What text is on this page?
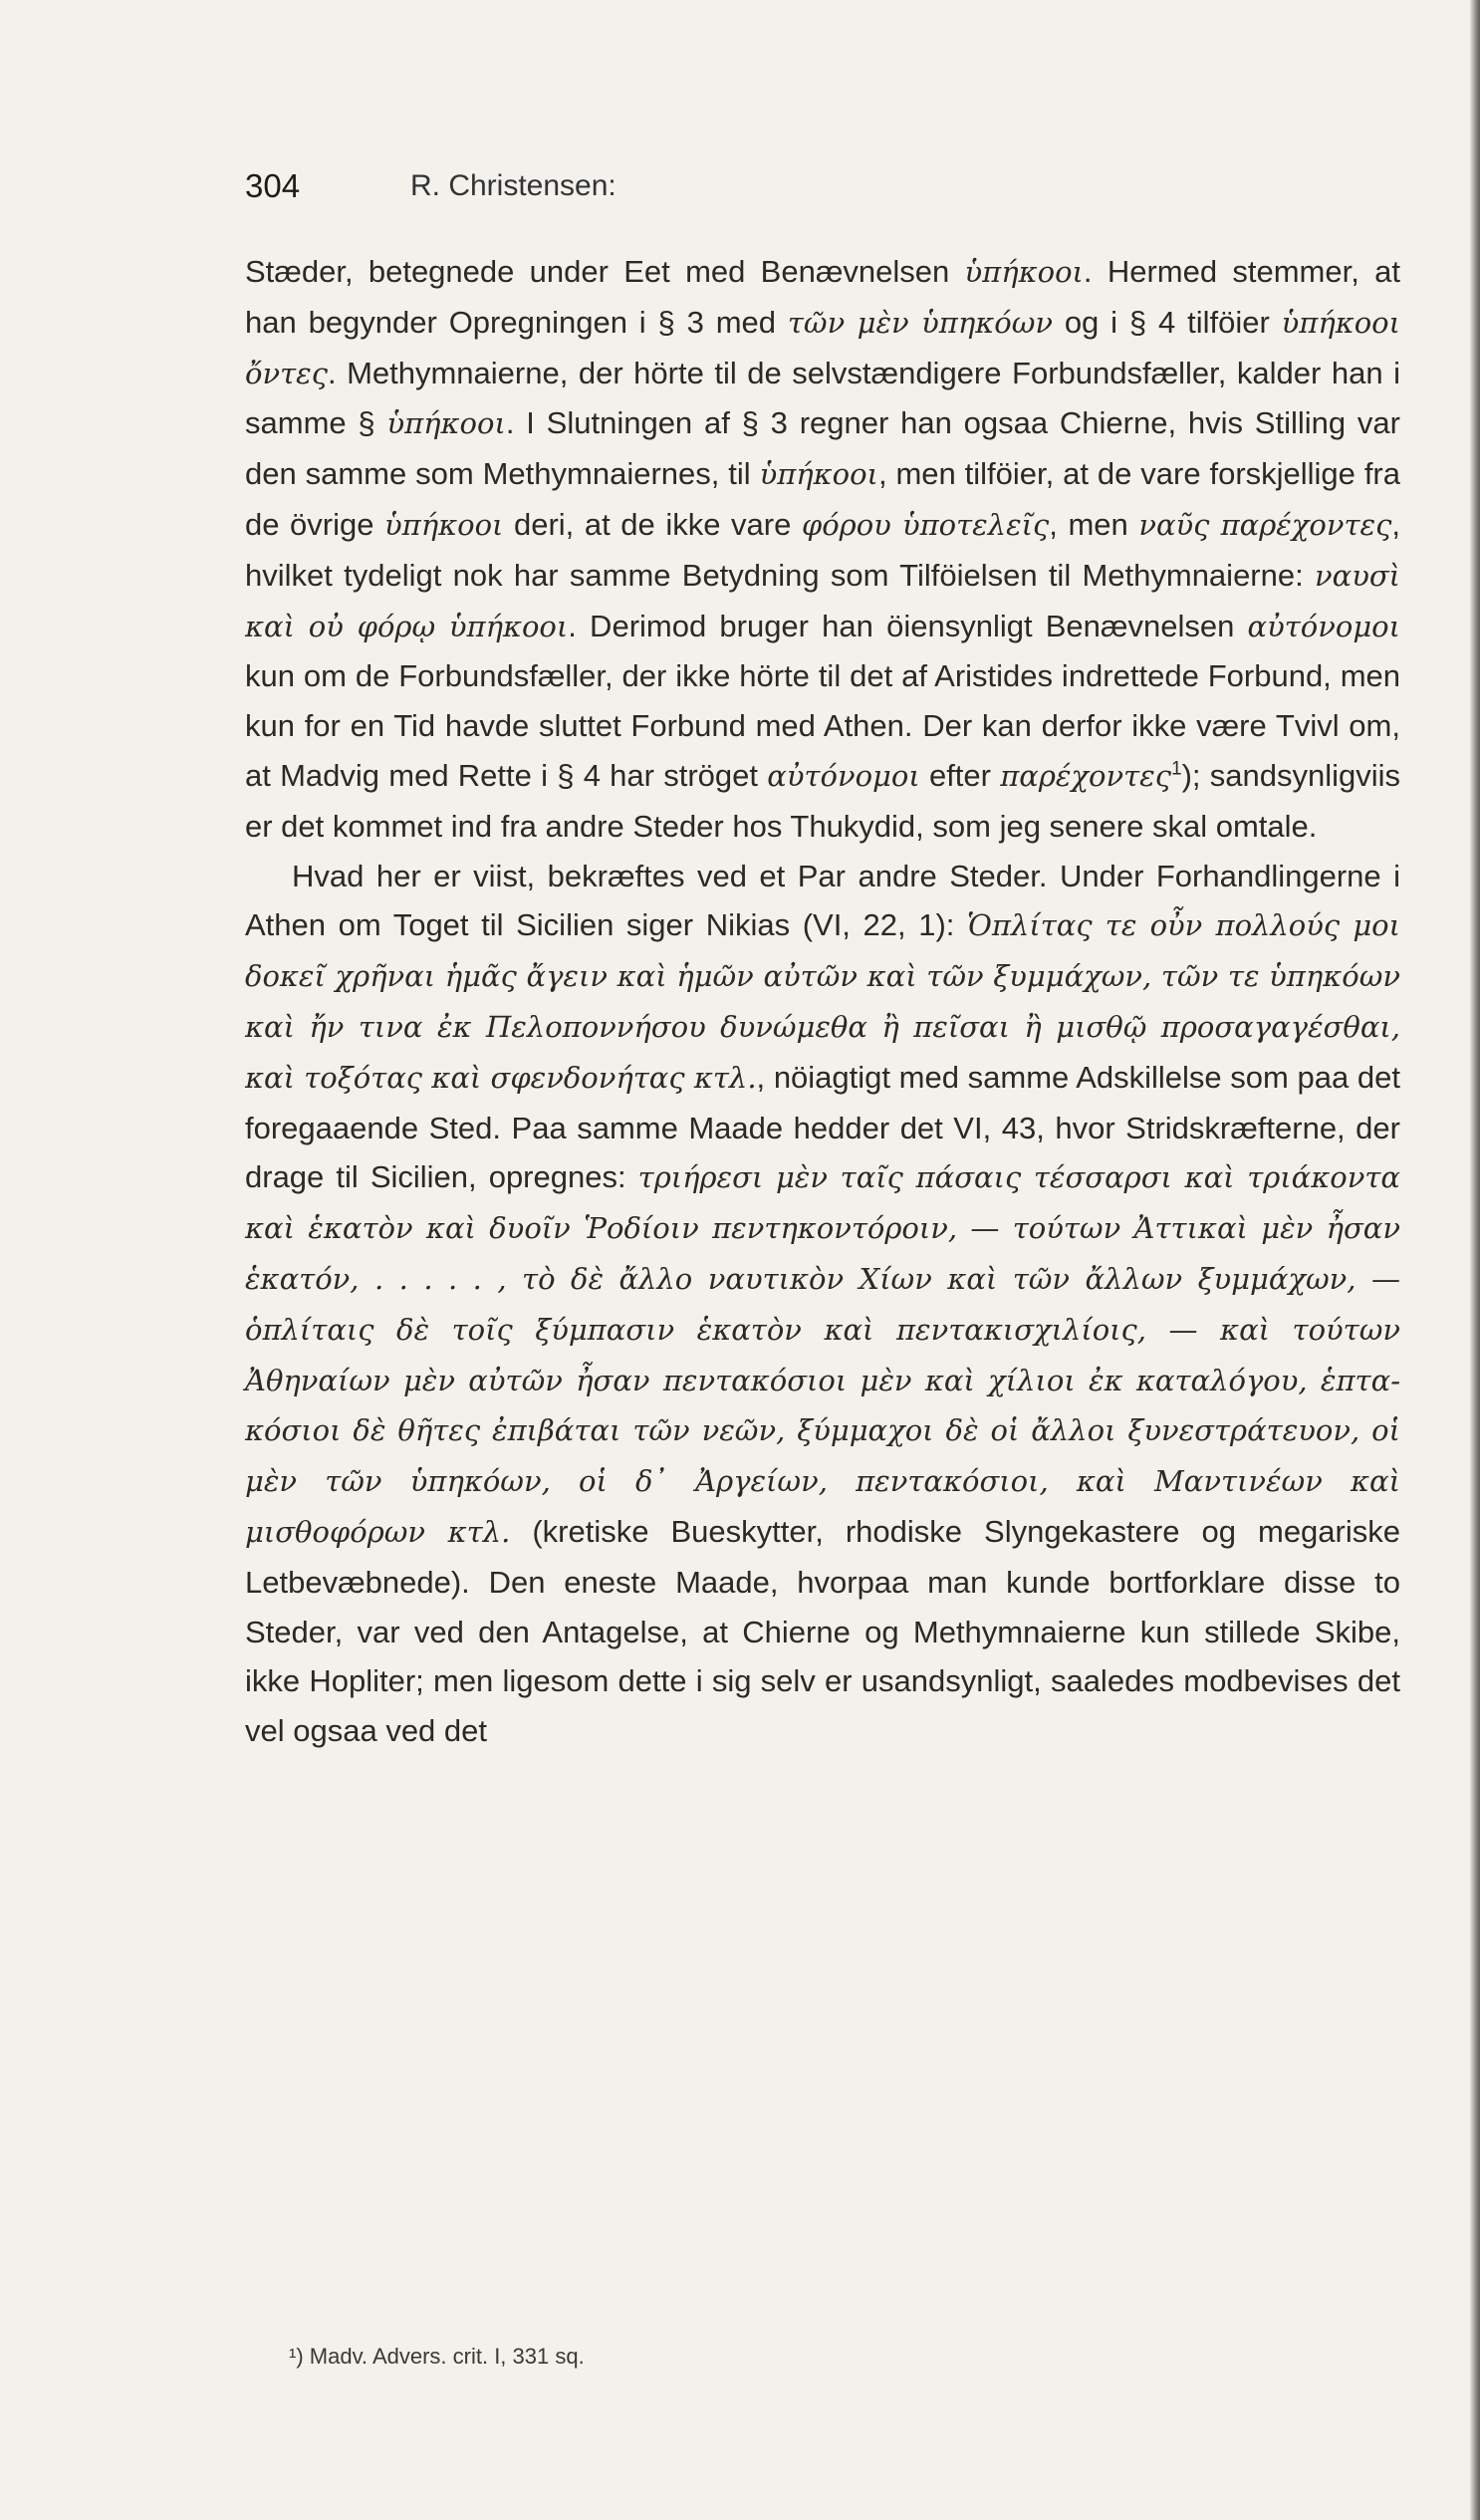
304	R. Christensen:

Stæder, betegnede under Eet med Benævnelsen ὑπήκοοι. Hermed stemmer, at han begynder Opregningen i § 3 med τῶν μὲν ὑπηκόων og i § 4 tilföier ὑπήκοοι ὄντες. Methymnaierne, der hörte til de selvstændigere Forbundsfæller, kalder han i samme § ὑπήκοοι. I Slutningen af § 3 regner han ogsaa Chierne, hvis Stilling var den samme som Methymnaiernes, til ὑπήκοοι, men tilföier, at de vare forskjellige fra de övrige ὑπήκοοι deri, at de ikke vare φόρου ὑποτελεῖς, men ναῦς παρέχοντες, hvilket tydeligt nok har samme Betydning som Tilföielsen til Methymnaierne: ναυσὶ καὶ οὐ φόρῳ ὑπήκοοι. Derimod bruger han öiensynligt Benævnelsen αὐτόνομοι kun om de Forbundsfæller, der ikke hörte til det af Aristides indrettede Forbund, men kun for en Tid havde sluttet Forbund med Athen. Der kan derfor ikke være Tvivl om, at Madvig med Rette i § 4 har ströget αὐτόνομοι efter παρέχοντες$^1$); sandsynligviis er det kommet ind fra andre Steder hos Thukydid, som jeg senere skal omtale.

Hvad her er viist, bekræftes ved et Par andre Steder. Under Forhandlingerne i Athen om Toget til Sicilien siger Nikias (VI, 22, 1): Ὁπλίτας τε οὖν πολλούς μοι δοκεῖ χρῆναι ἡμᾶς ἄγειν καὶ ἡμῶν αὐτῶν καὶ τῶν ξυμμάχων, τῶν τε ὑπηκόων καὶ ἤν τινα ἐκ Πελοποννήσου δυνώμεθα ἢ πεῖσαι ἢ μισθῷ προσαγαγέσθαι, καὶ τοξότας καὶ σφενδονήτας κτλ., nöiagtigt med samme Adskillelse som paa det foregaaende Sted. Paa samme Maade hedder det VI, 43, hvor Stridskræfterne, der drage til Sicilien, opregnes: τριήρεσι μὲν ταῖς πάσαις τέσσαρσι καὶ τριάκοντα καὶ ἑκατὸν καὶ δυοῖν Ῥοδίοιν πεντηκοντόροιν, — τούτων Ἀττικαὶ μὲν ἦσαν ἑκατόν, . . . . . , τὸ δὲ ἄλλο ναυτικὸν Χίων καὶ τῶν ἄλλων ξυμμάχων, — ὁπλίταις δὲ τοῖς ξύμπασιν ἑκατὸν καὶ πεντακισχιλίοις, — καὶ τούτων Ἀθηναίων μὲν αὐτῶν ἦσαν πεντακόσιοι μὲν καὶ χίλιοι ἐκ καταλόγου, ἑπτακόσιοι δὲ θῆτες ἐπιβάται τῶν νεῶν, ξύμμαχοι δὲ οἱ ἄλλοι ξυνεστράτευον, οἱ μὲν τῶν ὑπηκόων, οἱ δ᾽ Ἀργείων, πεντακόσιοι, καὶ Μαντινέων καὶ μισθοφόρων κτλ. (kretiske Bueskytter, rhodiske Slyngekastere og megariske Letbevæbnede). Den eneste Maade, hvorpaa man kunde bortforklare disse to Steder, var ved den Antagelse, at Chierne og Methymnaierne kun stillede Skibe, ikke Hopliter; men ligesom dette i sig selv er usandsynligt, saaledes modbevises det vel ogsaa ved det

¹) Madv. Advers. crit. I, 331 sq.
